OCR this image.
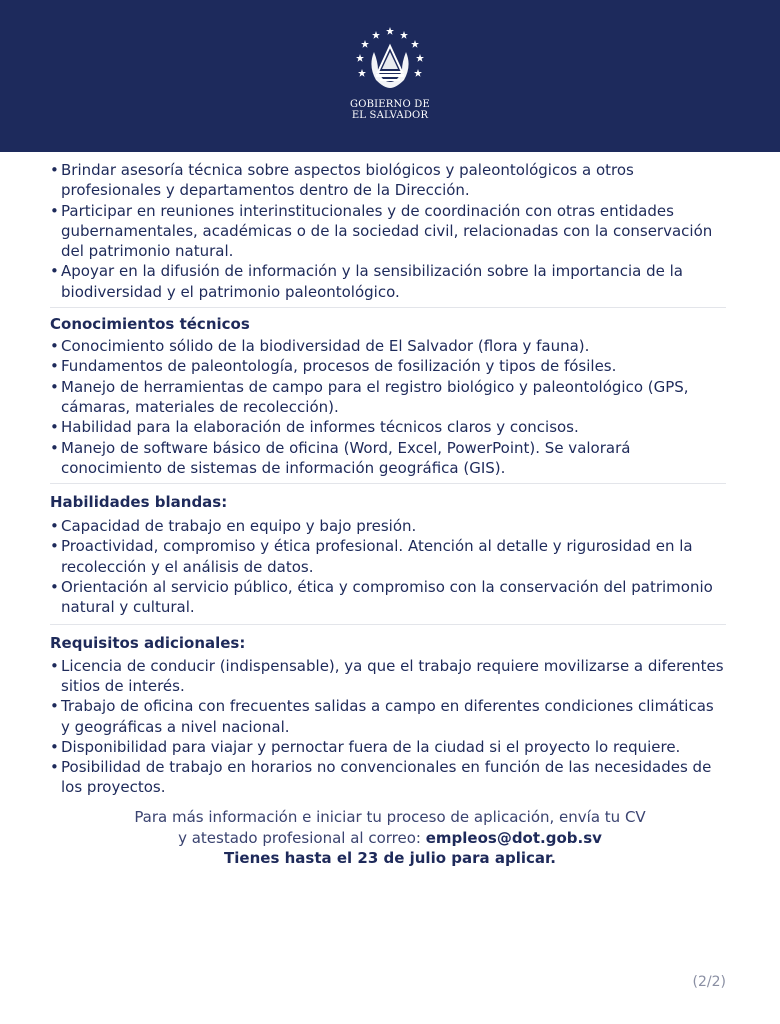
GOBIERNO DE
EL SALVADOR
• Brindar asesoría técnica sobre aspectos biológicos y paleontológicos a otros profesionales y departamentos dentro de la Dirección.
• Participar en reuniones interinstitucionales y de coordinación con otras entidades gubernamentales, académicas o de la sociedad civil, relacionadas con la conservación del patrimonio natural.
• Apoyar en la difusión de información y la sensibilización sobre la importancia de la biodiversidad y el patrimonio paleontológico.
Conocimientos técnicos
• Conocimiento sólido de la biodiversidad de El Salvador (flora y fauna).
• Fundamentos de paleontología, procesos de fosilización y tipos de fósiles.
• Manejo de herramientas de campo para el registro biológico y paleontológico (GPS, cámaras, materiales de recolección).
• Habilidad para la elaboración de informes técnicos claros y concisos.
• Manejo de software básico de oficina (Word, Excel, PowerPoint). Se valorará conocimiento de sistemas de información geográfica (GIS).
Habilidades blandas:
• Capacidad de trabajo en equipo y bajo presión.
• Proactividad, compromiso y ética profesional. Atención al detalle y rigurosidad en la recolección y el análisis de datos.
• Orientación al servicio público, ética y compromiso con la conservación del patrimonio natural y cultural.
Requisitos adicionales:
• Licencia de conducir (indispensable), ya que el trabajo requiere movilizarse a diferentes sitios de interés.
• Trabajo de oficina con frecuentes salidas a campo en diferentes condiciones climáticas y geográficas a nivel nacional.
• Disponibilidad para viajar y pernoctar fuera de la ciudad si el proyecto lo requiere.
• Posibilidad de trabajo en horarios no convencionales en función de las necesidades de los proyectos.
Para más información e iniciar tu proceso de aplicación, envía tu CV
y atestado profesional al correo: empleos@dot.gob.sv
Tienes hasta el 23 de julio para aplicar.
(2/2)
